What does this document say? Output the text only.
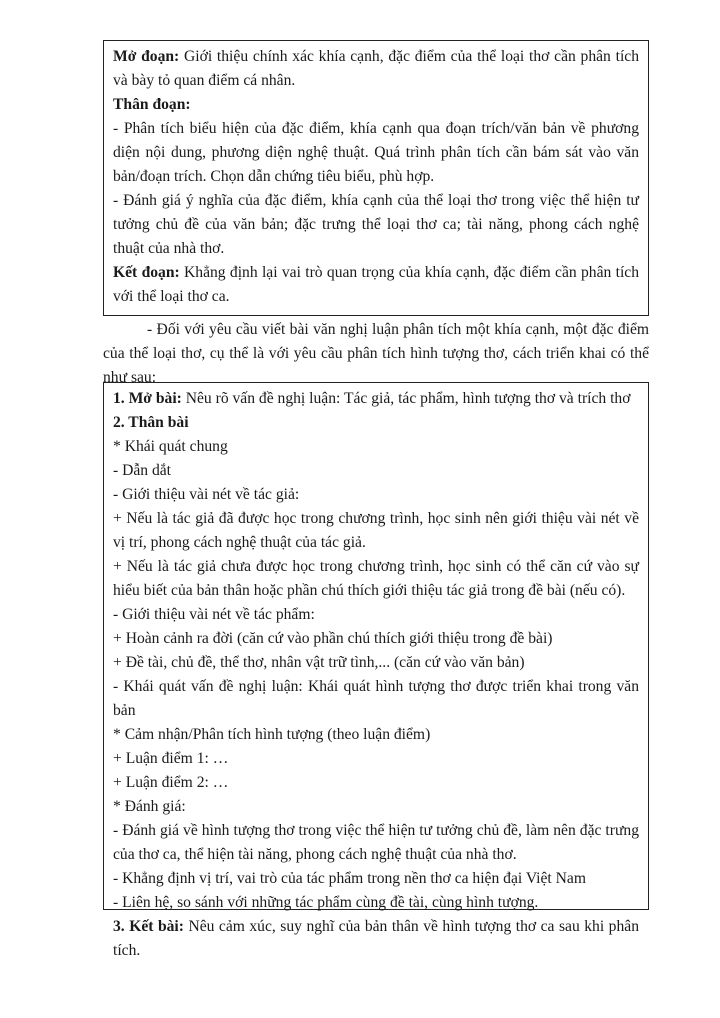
Mở đoạn: Giới thiệu chính xác khía cạnh, đặc điểm của thể loại thơ cần phân tích và bày tỏ quan điểm cá nhân.

Thân đoạn:

- Phân tích biểu hiện của đặc điểm, khía cạnh qua đoạn trích/văn bản về phương diện nội dung, phương diện nghệ thuật. Quá trình phân tích cần bám sát vào văn bản/đoạn trích. Chọn dẫn chứng tiêu biểu, phù hợp.

- Đánh giá ý nghĩa của đặc điểm, khía cạnh của thể loại thơ trong việc thể hiện tư tưởng chủ đề của văn bản; đặc trưng thể loại thơ ca; tài năng, phong cách nghệ thuật của nhà thơ.

Kết đoạn: Khẳng định lại vai trò quan trọng của khía cạnh, đặc điểm cần phân tích với thể loại thơ ca.

- Đối với yêu cầu viết bài văn nghị luận phân tích một khía cạnh, một đặc điểm của thể loại thơ, cụ thể là với yêu cầu phân tích hình tượng thơ, cách triển khai có thể như sau:

1. Mở bài: Nêu rõ vấn đề nghị luận: Tác giả, tác phẩm, hình tượng thơ và trích thơ

2. Thân bài

* Khái quát chung

- Dẫn dắt

- Giới thiệu vài nét về tác giả:

+ Nếu là tác giả đã được học trong chương trình, học sinh nên giới thiệu vài nét về vị trí, phong cách nghệ thuật của tác giả.

+ Nếu là tác giả chưa được học trong chương trình, học sinh có thể căn cứ vào sự hiểu biết của bản thân hoặc phần chú thích giới thiệu tác giả trong đề bài (nếu có).

- Giới thiệu vài nét về tác phẩm:

+ Hoàn cảnh ra đời (căn cứ vào phần chú thích giới thiệu trong đề bài)

+ Đề tài, chủ đề, thể thơ, nhân vật trữ tình,... (căn cứ vào văn bản)

- Khái quát vấn đề nghị luận: Khái quát hình tượng thơ được triển khai trong văn bản

* Cảm nhận/Phân tích hình tượng (theo luận điểm)

+ Luận điểm 1: …

+ Luận điểm 2: …

* Đánh giá:

- Đánh giá về hình tượng thơ trong việc thể hiện tư tưởng chủ đề, làm nên đặc trưng của thơ ca, thể hiện tài năng, phong cách nghệ thuật của nhà thơ.

- Khẳng định vị trí, vai trò của tác phẩm trong nền thơ ca hiện đại Việt Nam

- Liên hệ, so sánh với những tác phẩm cùng đề tài, cùng hình tượng.

3. Kết bài: Nêu cảm xúc, suy nghĩ của bản thân về hình tượng thơ ca sau khi phân tích.
